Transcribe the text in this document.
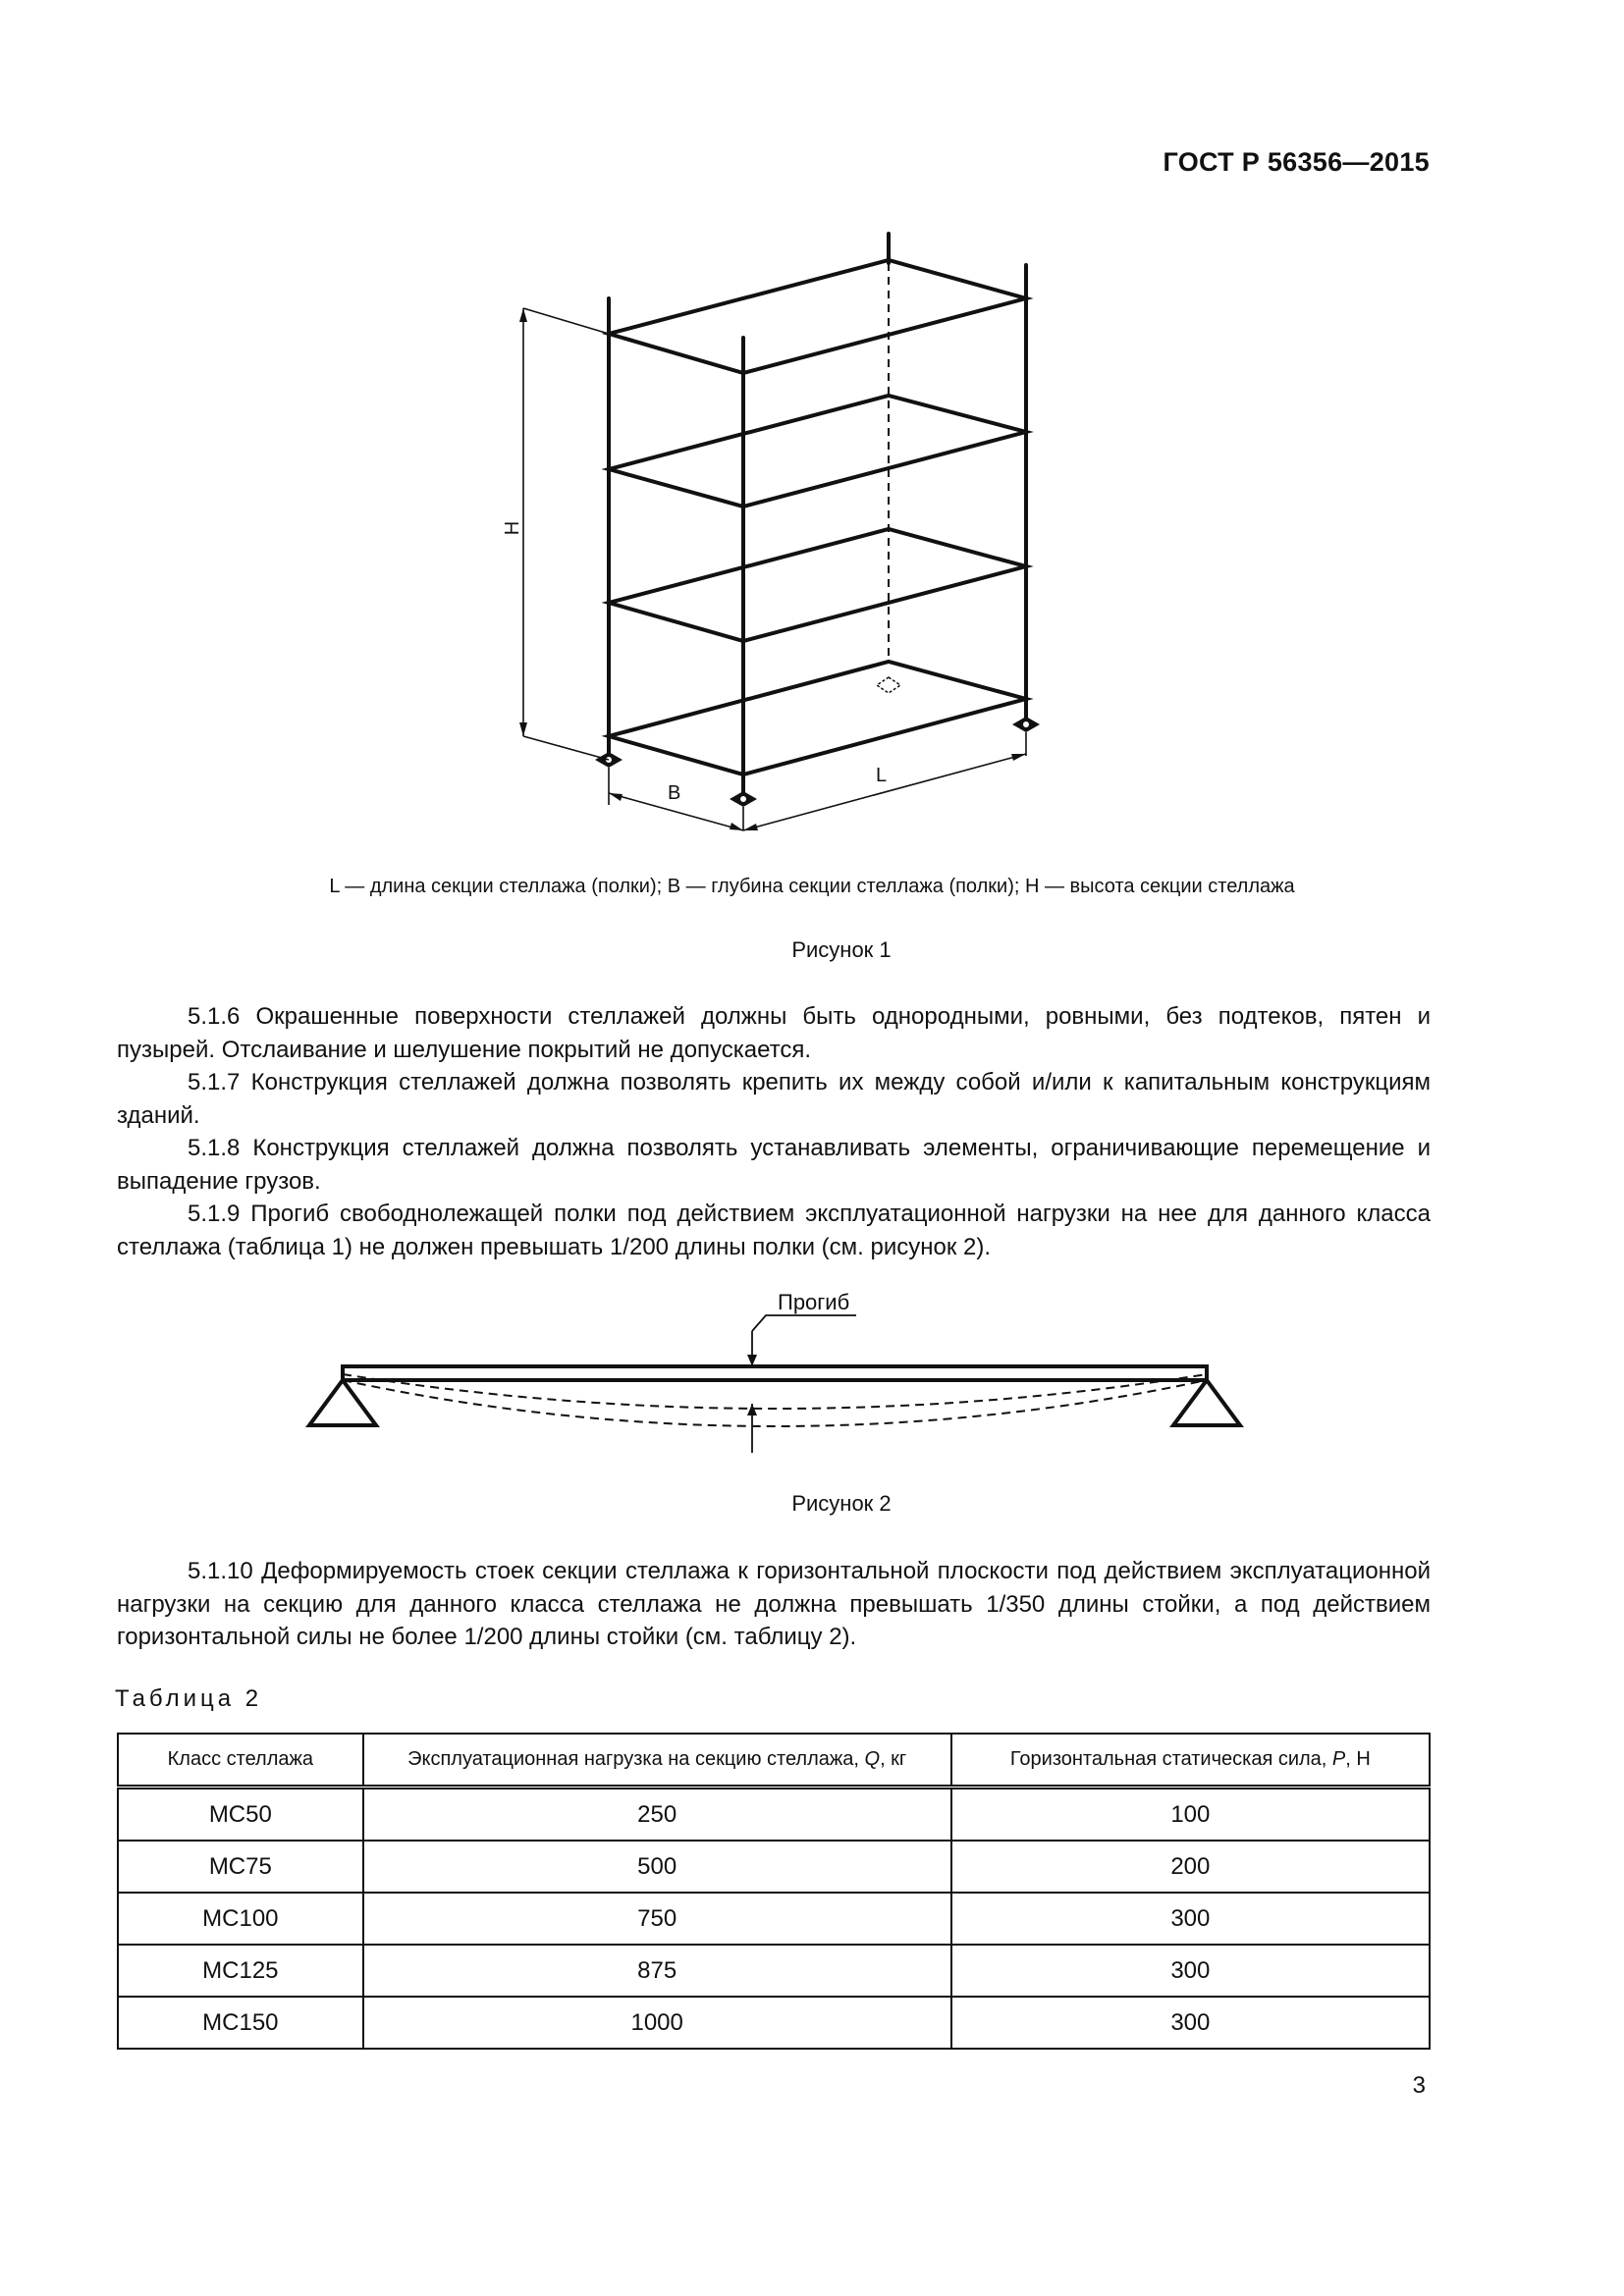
ГОСТ Р 56356—2015
H
B
L
L — длина секции стеллажа (полки); B — глубина секции стеллажа (полки); H — высота секции стеллажа
Рисунок 1

5.1.6 Окрашенные поверхности стеллажей должны быть однородными, ровными, без подтеков, пятен и пузырей. Отслаивание и шелушение покрытий не допускается.

5.1.7 Конструкция стеллажей должна позволять крепить их между собой и/или к капитальным конструкциям зданий.

5.1.8 Конструкция стеллажей должна позволять устанавливать элементы, ограничивающие перемещение и выпадение грузов.

5.1.9 Прогиб свободнолежащей полки под действием эксплуатационной нагрузки на нее для данного класса стеллажа (таблица 1) не должен превышать 1/200 длины полки (см. рисунок 2).

Прогиб
Рисунок 2

5.1.10 Деформируемость стоек секции стеллажа к горизонтальной плоскости под действием эксплуатационной нагрузки на секцию для данного класса стеллажа не должна превышать 1/350 длины стойки, а под действием горизонтальной силы не более 1/200 длины стойки (см. таблицу 2).

Таблица 2
Класс стеллажа	Эксплуатационная нагрузка на секцию стеллажа, Q, кг	Горизонтальная статическая сила, P, Н
МС50	250	100
МС75	500	200
МС100	750	300
МС125	875	300
МС150	1000	300
3
